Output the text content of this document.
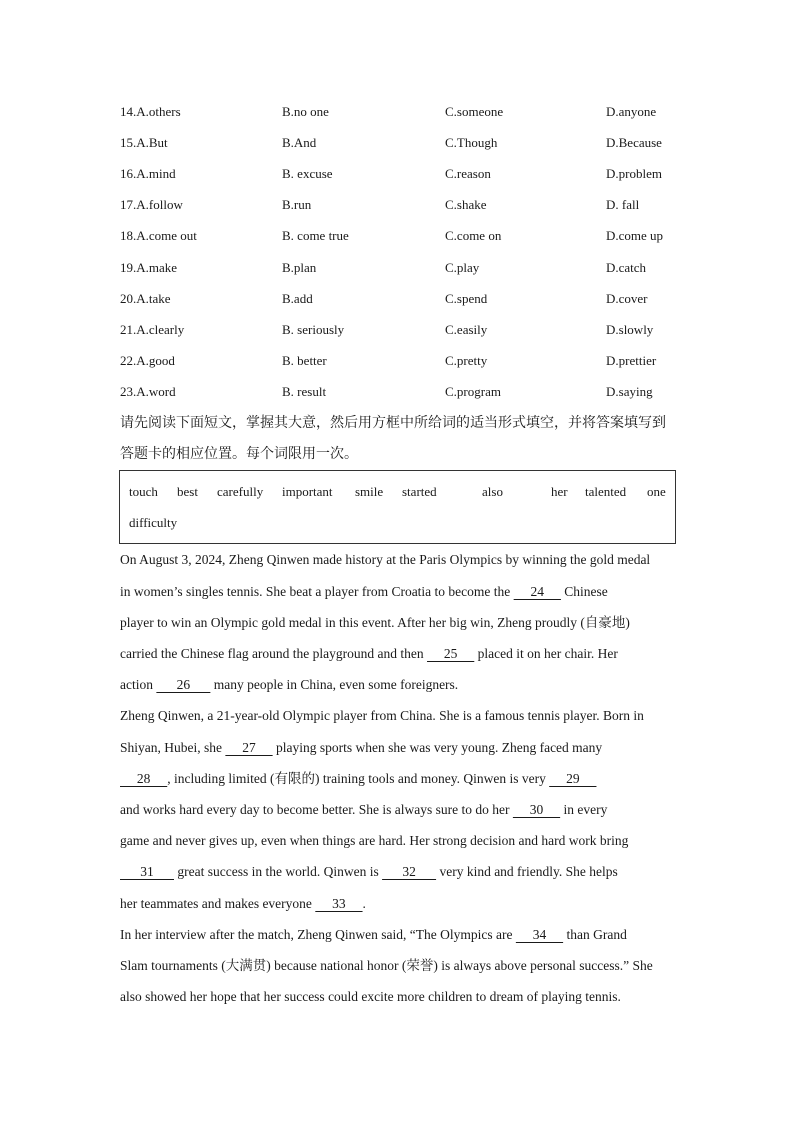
14.A.others	B.no one	C.someone	D.anyone
15.A.But	B.And	C.Though	D.Because
16.A.mind	B. excuse	C.reason	D.problem
17.A.follow	B.run	C.shake	D. fall
18.A.come out	B. come true	C.come on	D.come up
19.A.make	B.plan	C.play	D.catch
20.A.take	B.add	C.spend	D.cover
21.A.clearly	B. seriously	C.easily	D.slowly
22.A.good	B. better	C.pretty	D.prettier
23.A.word	B. result	C.program	D.saying
请先阅读下面短文，掌握其大意，然后用方框中所给词的适当形式填空，并将答案填写到
答题卡的相应位置。每个词限用一次。
touch best carefully important smile started	also	her talented one
difficulty
On August 3, 2024, Zheng Qinwen made history at the Paris Olympics by winning the gold medal
in women’s singles tennis. She beat a player from Croatia to become the      24      Chinese
player to win an Olympic gold medal in this event. After her big win, Zheng proudly (自豪地)
carried the Chinese flag around the playground and then      25      placed it on her chair. Her
action       26       many people in China, even some foreigners.
Zheng Qinwen, a 21-year-old Olympic player from China. She is a famous tennis player. Born in
Shiyan, Hubei, she      27      playing sports when she was very young. Zheng faced many
28     , including limited (有限的) training tools and money. Qinwen is very      29
and works hard every day to become better. She is always sure to do her      30      in every
game and never gives up, even when things are hard. Her strong decision and hard work bring
31       great success in the world. Qinwen is       32       very kind and friendly. She helps
her teammates and makes everyone      33     .
In her interview after the match, Zheng Qinwen said, “The Olympics are      34      than Grand
Slam tournaments (大满贯) because national honor (荣誉) is always above personal success.” She
also showed her hope that her success could excite more children to dream of playing tennis.
